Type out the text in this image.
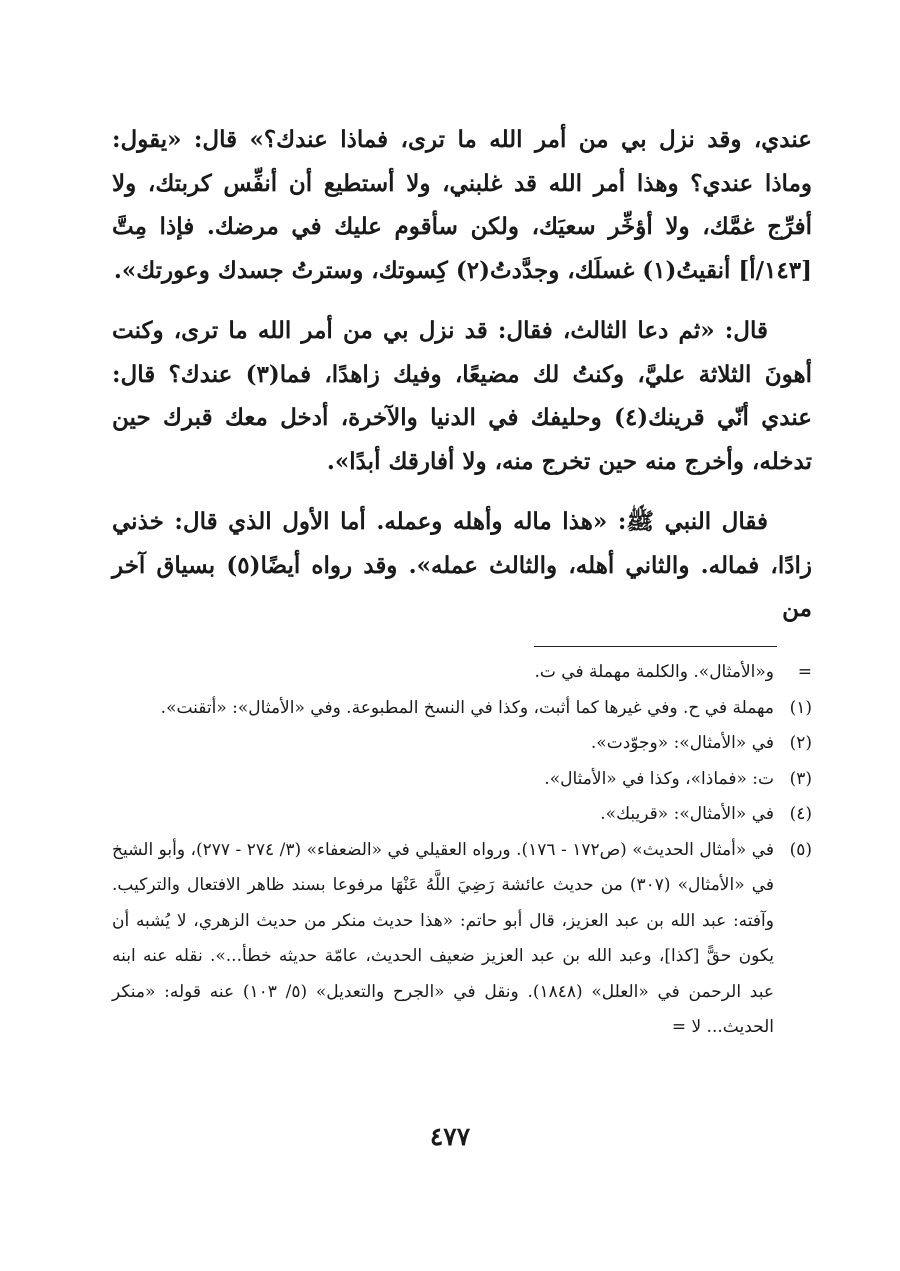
عندي، وقد نزل بي من أمر الله ما ترى، فماذا عندك؟» قال: «يقول: وماذا عندي؟ وهذا أمر الله قد غلبني، ولا أستطيع أن أنفِّس كربتك، ولا أفرِّج غمَّك، ولا أؤخِّر سعيَك، ولكن سأقوم عليك في مرضك. فإذا مِتَّ [١٤٣/أ] أنقيتُ(١) غسلَك، وجدَّدتُ(٢) كِسوتك، وسترتُ جسدك وعورتك».

قال: «ثم دعا الثالث، فقال: قد نزل بي من أمر الله ما ترى، وكنت أهونَ الثلاثة عليَّ، وكنتُ لك مضيعًا، وفيك زاهدًا، فما(٣) عندك؟ قال: عندي أنّي قرينك(٤) وحليفك في الدنيا والآخرة، أدخل معك قبرك حين تدخله، وأخرج منه حين تخرج منه، ولا أفارقك أبدًا».

فقال النبي ﷺ: «هذا ماله وأهله وعمله. أما الأول الذي قال: خذني زادًا، فماله. والثاني أهله، والثالث عمله». وقد رواه أيضًا(٥) بسياق آخر من

=
و«الأمثال». والكلمة مهملة في ت.
(١)
مهملة في ح. وفي غيرها كما أثبت، وكذا في النسخ المطبوعة. وفي «الأمثال»: «أتقنت».
(٢)
في «الأمثال»: «وجوّدت».
(٣)
ت: «فماذا»، وكذا في «الأمثال».
(٤)
في «الأمثال»: «قريبك».
(٥)
في «أمثال الحديث» (ص١٧٢ - ١٧٦). ورواه العقيلي في «الضعفاء» (٣/ ٢٧٤ - ٢٧٧)، وأبو الشيخ في «الأمثال» (٣٠٧) من حديث عائشة رَضِيَ اللَّهُ عَنْهَا مرفوعا بسند ظاهر الافتعال والتركيب. وآفته: عبد الله بن عبد العزيز، قال أبو حاتم: «هذا حديث منكر من حديث الزهري، لا يُشبه أن يكون حقًّ [كذا]، وعبد الله بن عبد العزيز ضعيف الحديث، عامّة حديثه خطأ...». نقله عنه ابنه عبد الرحمن في «العلل» (١٨٤٨). ونقل في «الجرح والتعديل» (٥/ ١٠٣) عنه قوله: «منكر الحديث... لا =
٤٧٧
